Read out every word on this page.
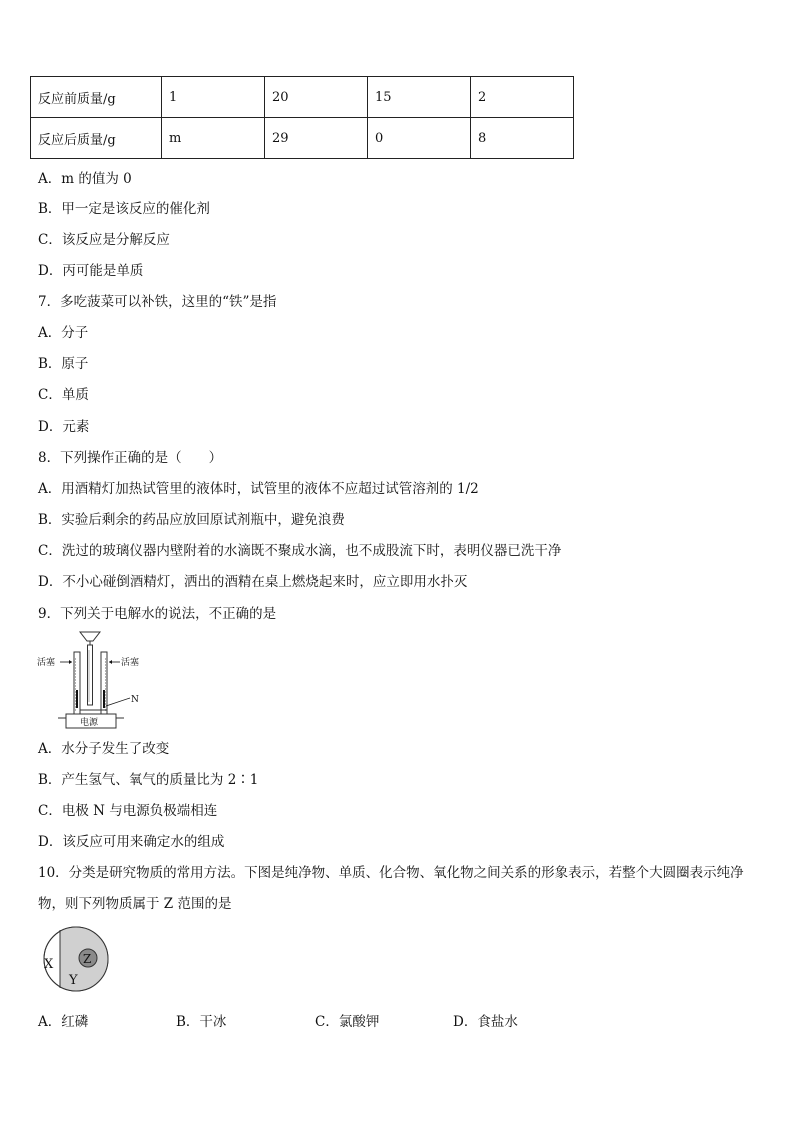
反应前质量/g	1	20	15	2
反应后质量/g	m	29	0	8
A．m 的值为 0
B．甲一定是该反应的催化剂
C．该反应是分解反应
D．丙可能是单质
7．多吃菠菜可以补铁，这里的“铁”是指
A．分子
B．原子
C．单质
D．元素
8．下列操作正确的是（　　）
A．用酒精灯加热试管里的液体时，试管里的液体不应超过试管溶剂的 1/2
B．实验后剩余的药品应放回原试剂瓶中，避免浪费
C．洗过的玻璃仪器内壁附着的水滴既不聚成水滴，也不成股流下时，表明仪器已洗干净
D．不小心碰倒酒精灯，洒出的酒精在桌上燃烧起来时，应立即用水扑灭
9．下列关于电解水的说法，不正确的是
活塞	活塞
N
电源
A．水分子发生了改变
B．产生氢气、氧气的质量比为 2∶1
C．电极 N 与电源负极端相连
D．该反应可用来确定水的组成
10．分类是研究物质的常用方法。下图是纯净物、单质、化合物、氧化物之间关系的形象表示，若整个大圆圈表示纯净物，则下列物质属于 Z 范围的是
X
Y
Z
A．红磷	B．干冰	C．氯酸钾	D．食盐水
